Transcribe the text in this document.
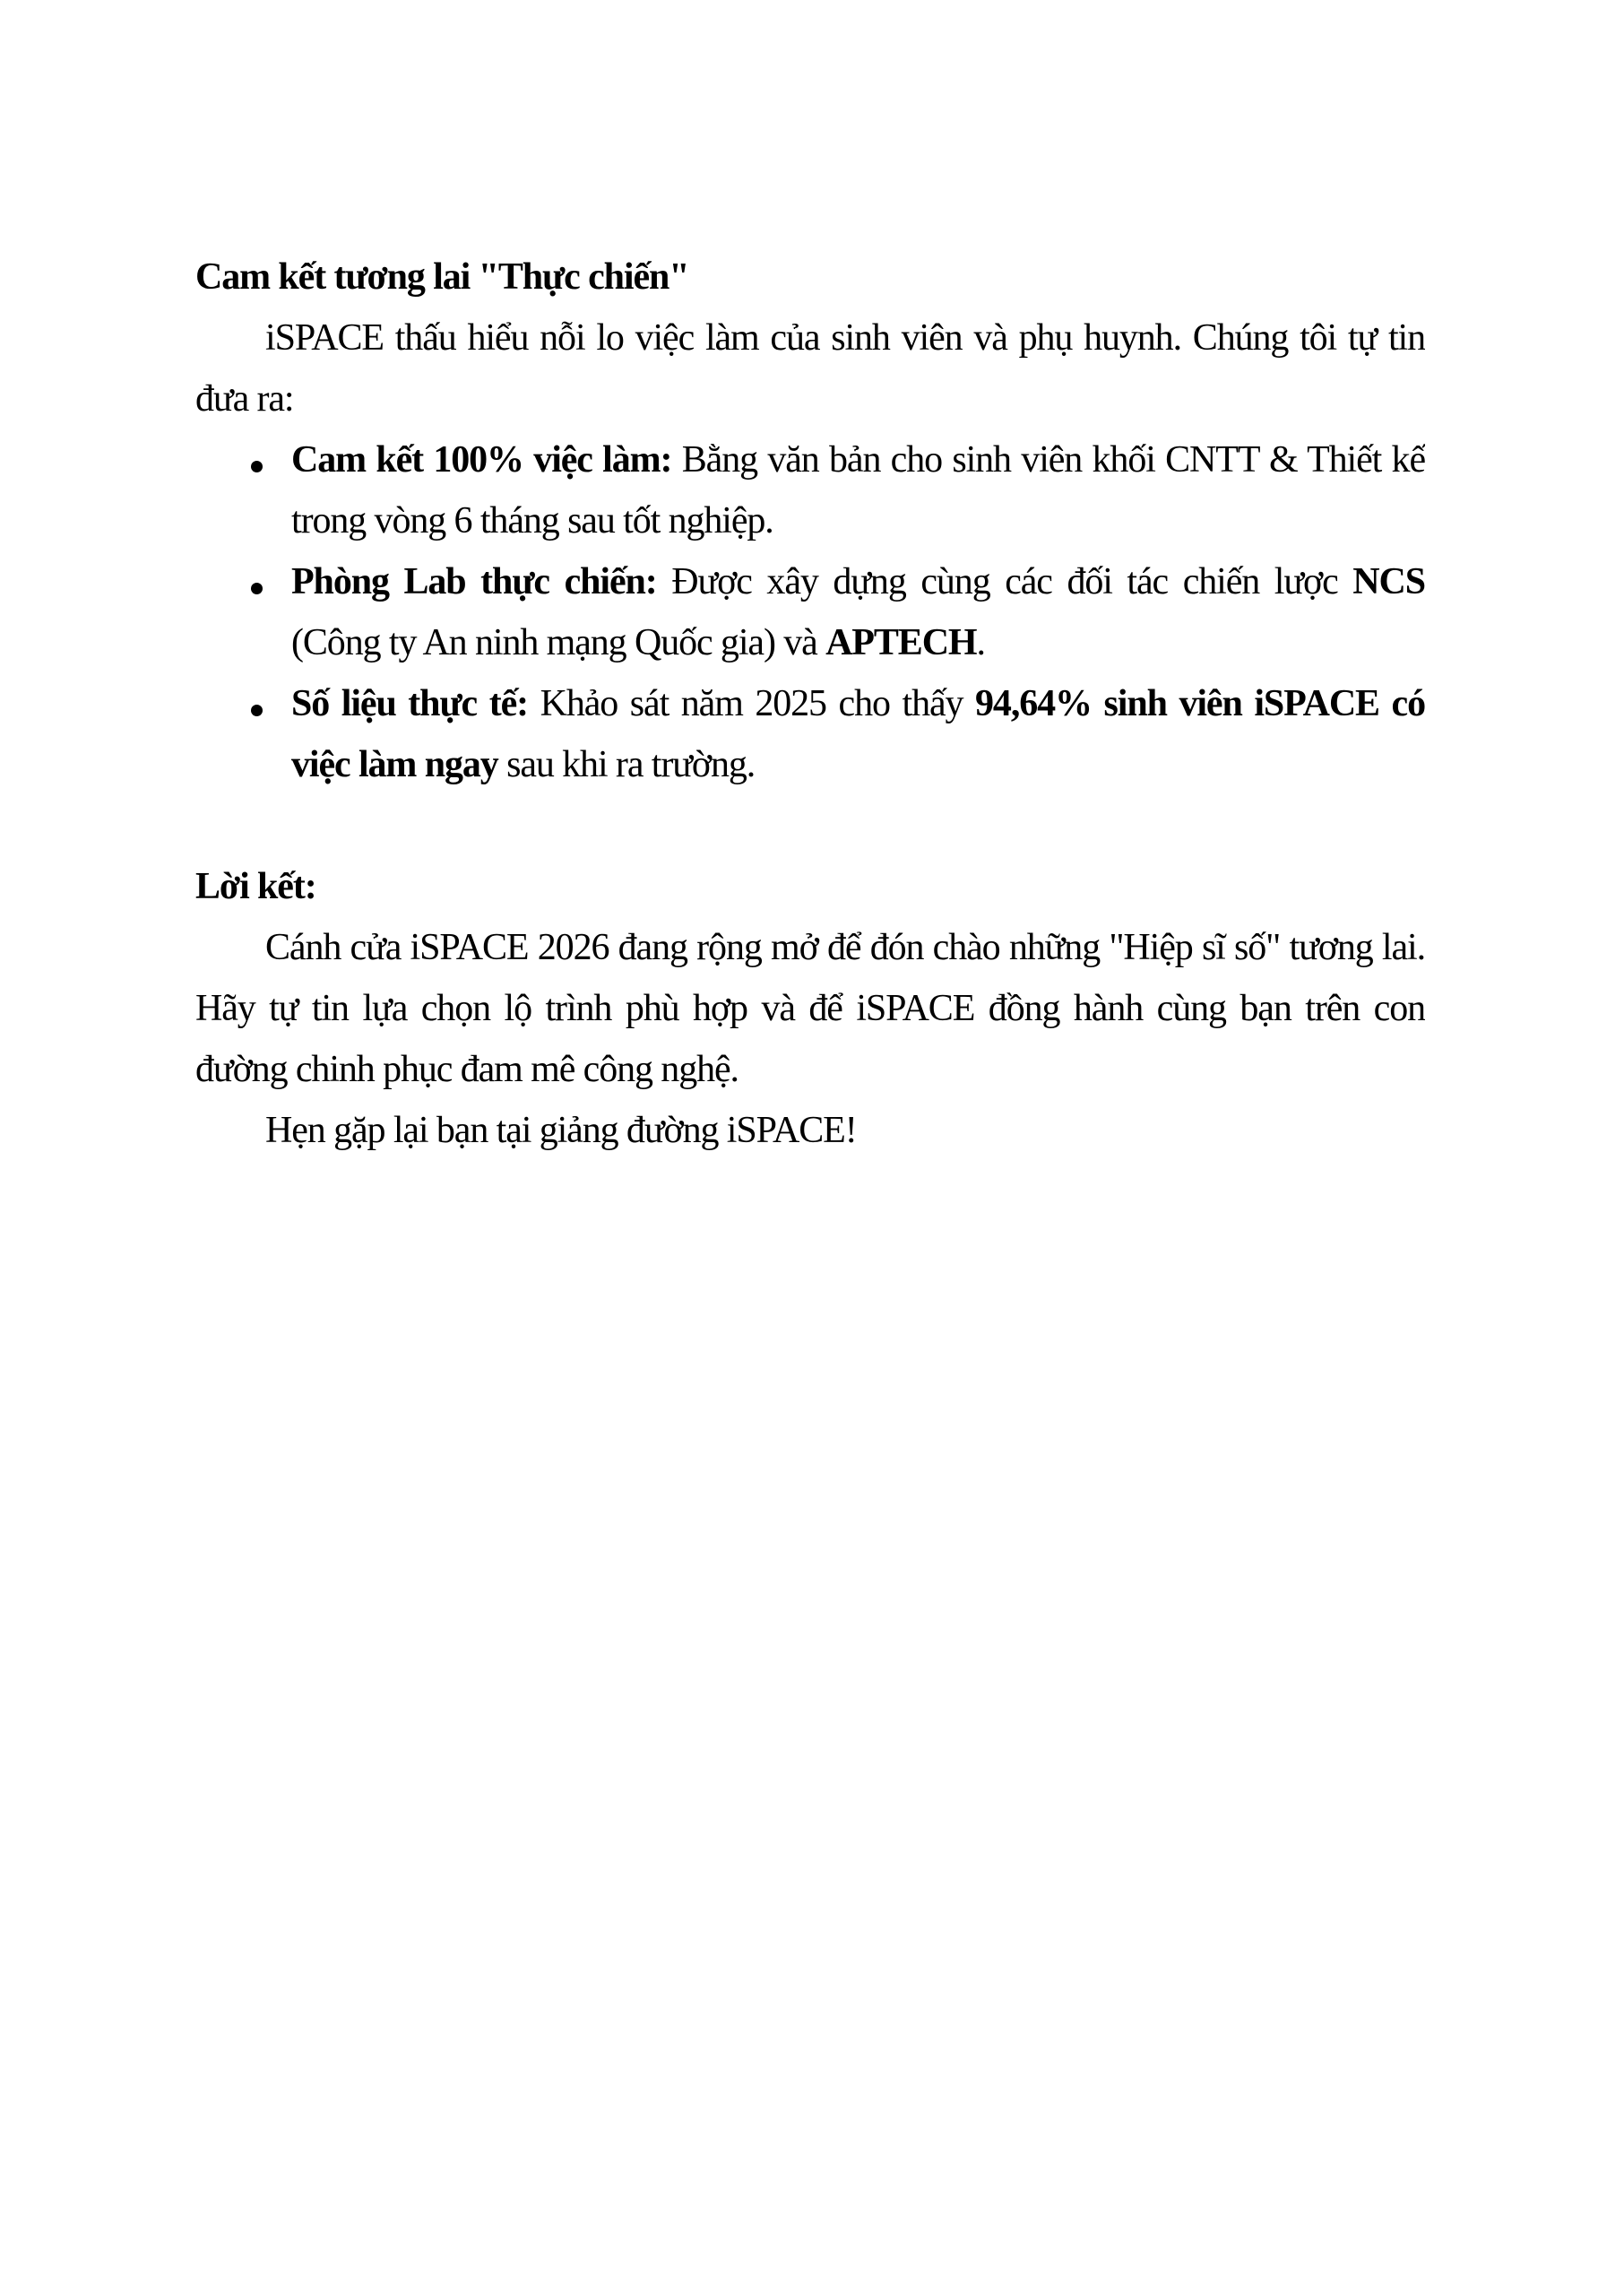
Cam kết tương lai "Thực chiến"
iSPACE thấu hiểu nỗi lo việc làm của sinh viên và phụ huynh. Chúng tôi tự tin
đưa ra:
Cam kết 100% việc làm: Bằng văn bản cho sinh viên khối CNTT & Thiết kế
trong vòng 6 tháng sau tốt nghiệp.
Phòng Lab thực chiến: Được xây dựng cùng các đối tác chiến lược NCS
(Công ty An ninh mạng Quốc gia) và APTECH.
Số liệu thực tế: Khảo sát năm 2025 cho thấy 94,64% sinh viên iSPACE có
việc làm ngay sau khi ra trường.
Lời kết:
Cánh cửa iSPACE 2026 đang rộng mở để đón chào những "Hiệp sĩ số" tương lai.
Hãy tự tin lựa chọn lộ trình phù hợp và để iSPACE đồng hành cùng bạn trên con
đường chinh phục đam mê công nghệ.
Hẹn gặp lại bạn tại giảng đường iSPACE!
